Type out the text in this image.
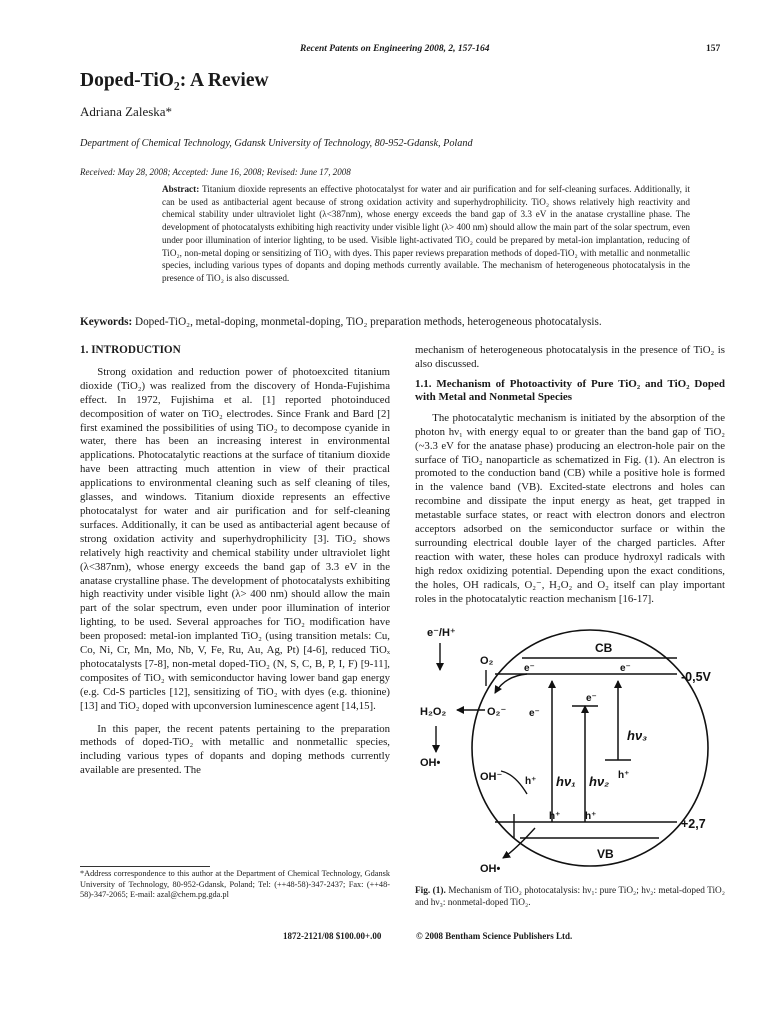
Recent Patents on Engineering 2008, 2, 157-164	157
Doped-TiO₂: A Review
Adriana Zaleska*
Department of Chemical Technology, Gdansk University of Technology, 80-952-Gdansk, Poland
Received: May 28, 2008; Accepted: June 16, 2008; Revised: June 17, 2008
Abstract: Titanium dioxide represents an effective photocatalyst for water and air purification and for self-cleaning surfaces. Additionally, it can be used as antibacterial agent because of strong oxidation activity and superhydrophilicity. TiO₂ shows relatively high reactivity and chemical stability under ultraviolet light (λ<387nm), whose energy exceeds the band gap of 3.3 eV in the anatase crystalline phase. The development of photocatalysts exhibiting high reactivity under visible light (λ> 400 nm) should allow the main part of the solar spectrum, even under poor illumination of interior lighting, to be used. Visible light-activated TiO₂ could be prepared by metal-ion implantation, reducing of TiO₂, non-metal doping or sensitizing of TiO₂ with dyes. This paper reviews preparation methods of doped-TiO₂ with metallic and nonmetallic species, including various types of dopants and doping methods currently available. The mechanism of heterogeneous photocatalysis in the presence of TiO₂ is also discussed.
Keywords: Doped-TiO₂, metal-doping, monmetal-doping, TiO₂ preparation methods, heterogeneous photocatalysis.
1. INTRODUCTION

Strong oxidation and reduction power of photoexcited titanium dioxide (TiO₂) was realized from the discovery of Honda-Fujishima effect. In 1972, Fujishima et al. [1] reported photoinduced decomposition of water on TiO₂ electrodes. Since Frank and Bard [2] first examined the possibilities of using TiO₂ to decompose cyanide in water, there has been an increasing interest in environmental applications. Photocatalytic reactions at the surface of titanium dioxide have been attracting much attention in view of their practical applications to environmental cleaning such as self cleaning of tiles, glasses, and windows. Titanium dioxide represents an effective photocatalyst for water and air purification and for self-cleaning surfaces. Additionally, it can be used as antibacterial agent because of strong oxidation activity and superhydrophilicity [3]. TiO₂ shows relatively high reactivity and chemical stability under ultraviolet light (λ<387nm), whose energy exceeds the band gap of 3.3 eV in the anatase crystalline phase. The development of photocatalysts exhibiting high reactivity under visible light (λ> 400 nm) should allow the main part of the solar spectrum, even under poor illumination of interior lighting, to be used. Several approaches for TiO₂ modification have been proposed: metal-ion implanted TiO₂ (using transition metals: Cu, Co, Ni, Cr, Mn, Mo, Nb, V, Fe, Ru, Au, Ag, Pt) [4-6], reduced TiOₓ photocatalysts [7-8], non-metal doped-TiO₂ (N, S, C, B, P, I, F) [9-11], composites of TiO₂ with semiconductor having lower band gap energy (e.g. Cd-S particles [12], sensitizing of TiO₂ with dyes (e.g. thionine) [13] and TiO₂ doped with upconversion luminescence agent [14,15].

In this paper, the recent patents pertaining to the preparation methods of doped-TiO₂ with metallic and nonmetallic species, including various types of dopants and doping methods currently available are presented. The

*Address correspondence to this author at the Department of Chemical Technology, Gdansk University of Technology, 80-952-Gdansk, Poland; Tel: (++48-58)-347-2437; Fax: (++48-58)-347-2065; E-mail: azal@chem.pg.gda.pl

mechanism of heterogeneous photocatalysis in the presence of TiO₂ is also discussed.

1.1. Mechanism of Photoactivity of Pure TiO₂ and TiO₂ Doped with Metal and Nonmetal Species

The photocatalytic mechanism is initiated by the absorption of the photon hν₁ with energy equal to or greater than the band gap of TiO₂ (~3.3 eV for the anatase phase) producing an electron-hole pair on the surface of TiO₂ nanoparticle as schematized in Fig. (1). An electron is promoted to the conduction band (CB) while a positive hole is formed in the valence band (VB). Excited-state electrons and holes can recombine and dissipate the input energy as heat, get trapped in metastable surface states, or react with electron donors and electron acceptors adsorbed on the semiconductor surface or within the surrounding electrical double layer of the charged particles. After reaction with water, these holes can produce hydroxyl radicals with high redox oxidizing potential. Depending upon the exact conditions, the holes, OH radicals, O₂⁻, H₂O₂ and O₂ itself can play important roles in the photocatalytic reaction mechanism [16-17].

e⁻/H⁺
O₂
CB
-0,5V
H₂O₂	O₂⁻
e⁻	e⁻
e⁻
e⁻
hν₃
hν₁ hν₂
OH•
OH⁻ h⁺
h⁺
h⁺ h⁺
+2,7
VB
OH•
Fig. (1). Mechanism of TiO₂ photocatalysis: hν₁: pure TiO₂; hν₂: metal-doped TiO₂ and hν₃: nonmetal-doped TiO₂.
1872-2121/08 $100.00+.00	© 2008 Bentham Science Publishers Ltd.
